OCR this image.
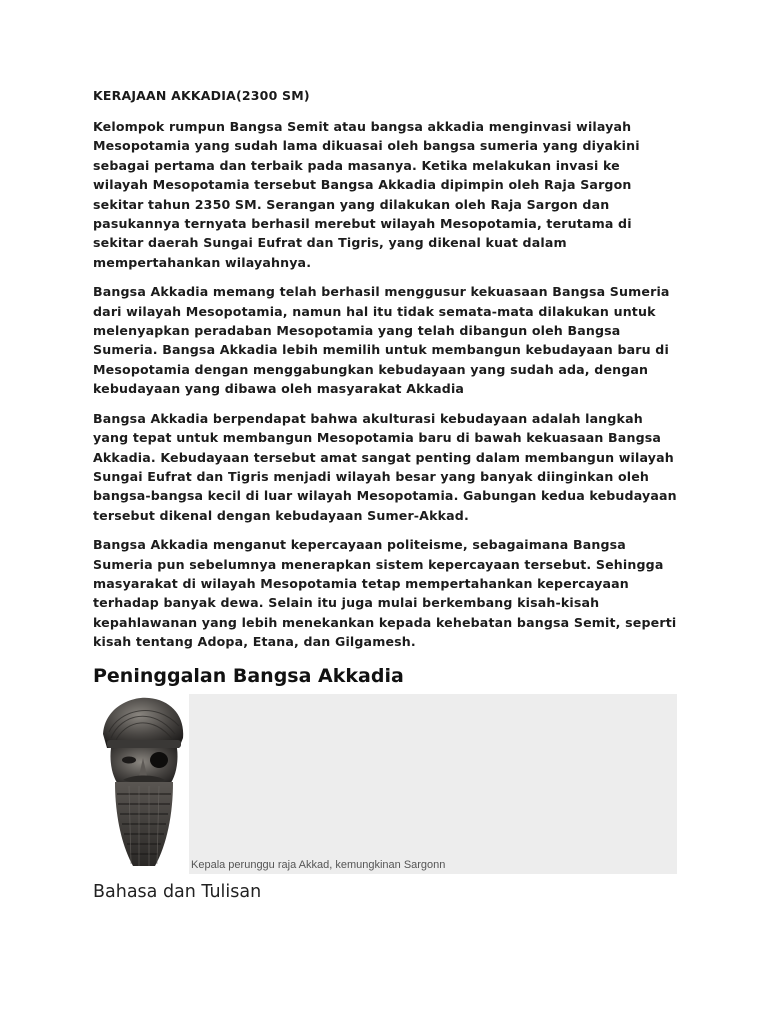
KERAJAAN AKKADIA(2300 SM)

Kelompok rumpun Bangsa Semit atau bangsa akkadia menginvasi wilayah Mesopotamia yang sudah lama dikuasai oleh bangsa sumeria yang diyakini sebagai pertama dan terbaik pada masanya. Ketika melakukan invasi ke wilayah Mesopotamia tersebut Bangsa Akkadia dipimpin oleh Raja Sargon sekitar tahun 2350 SM. Serangan yang dilakukan oleh Raja Sargon dan pasukannya ternyata berhasil merebut wilayah Mesopotamia, terutama di sekitar daerah Sungai Eufrat dan Tigris, yang dikenal kuat dalam mempertahankan wilayahnya.

Bangsa Akkadia memang telah berhasil menggusur kekuasaan Bangsa Sumeria dari wilayah Mesopotamia, namun hal itu tidak semata-mata dilakukan untuk melenyapkan peradaban Mesopotamia yang telah dibangun oleh Bangsa Sumeria. Bangsa Akkadia lebih memilih untuk membangun kebudayaan baru di Mesopotamia dengan menggabungkan kebudayaan yang sudah ada, dengan kebudayaan yang dibawa oleh masyarakat Akkadia

Bangsa Akkadia berpendapat bahwa akulturasi kebudayaan adalah langkah yang tepat untuk membangun Mesopotamia baru di bawah kekuasaan Bangsa Akkadia. Kebudayaan tersebut amat sangat penting dalam membangun wilayah Sungai Eufrat dan Tigris menjadi wilayah besar yang banyak diinginkan oleh bangsa-bangsa kecil di luar wilayah Mesopotamia. Gabungan kedua kebudayaan tersebut dikenal dengan kebudayaan Sumer-Akkad.

Bangsa Akkadia menganut kepercayaan politeisme, sebagaimana Bangsa Sumeria pun sebelumnya menerapkan sistem kepercayaan tersebut. Sehingga masyarakat di wilayah Mesopotamia tetap mempertahankan kepercayaan terhadap banyak dewa. Selain itu juga mulai berkembang kisah-kisah kepahlawanan yang lebih menekankan kepada kehebatan bangsa Semit, seperti kisah tentang Adopa, Etana, dan Gilgamesh.

Peninggalan Bangsa Akkadia
Kepala perunggu raja Akkad, kemungkinan Sargonn
Bahasa dan Tulisan
